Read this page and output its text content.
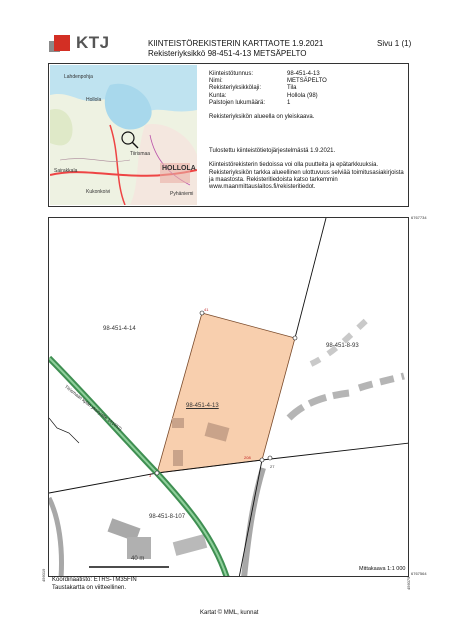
KTJ	KIINTEISTÖREKISTERIN KARTTAOTE 1.9.2021	Sivu 1 (1)
Rekisteriyksikkö 98-451-4-13 METSÄPELTO
Lahdenpohja
Hollola
Sairakkala	HOLLOLA
Tiirismaa
Kukonkoivi	Pyhäniemi
Kiinteistötunnus:	98-451-4-13
Nimi:	METSÄPELTO
Rekisteriyksikkölaji:	Tila
Kunta:	Hollola (98)
Palstojen lukumäärä:	1
Rekisteriyksikön alueella on yleiskaava.
Tulostettu kiinteistötietojärjestelmästä 1.9.2021.
Kiinteistörekisterin tiedoissa voi olla puutteita ja epätarkkuuksia. Rekisteriyksikön tarkka alueellinen ulottuvuus selviää toimitusasiakirjoista ja maastosta. Rekisteritiedoista katso tarkemmin www.maanmittauslaitos.fi/rekisteritiedot.
98-451-4-14
98-451-8-93
98-451-4-13
98-451-8-107
Tiirismaan kylän yksityistie 1/(1652)
41
208
27
3
40 m
6767734
6767564
456019
456079
Mittakaava 1:1 000
Koordinaatisto: ETRS-TM35FIN
Taustakartta on viitteellinen.
Kartat © MML, kunnat
